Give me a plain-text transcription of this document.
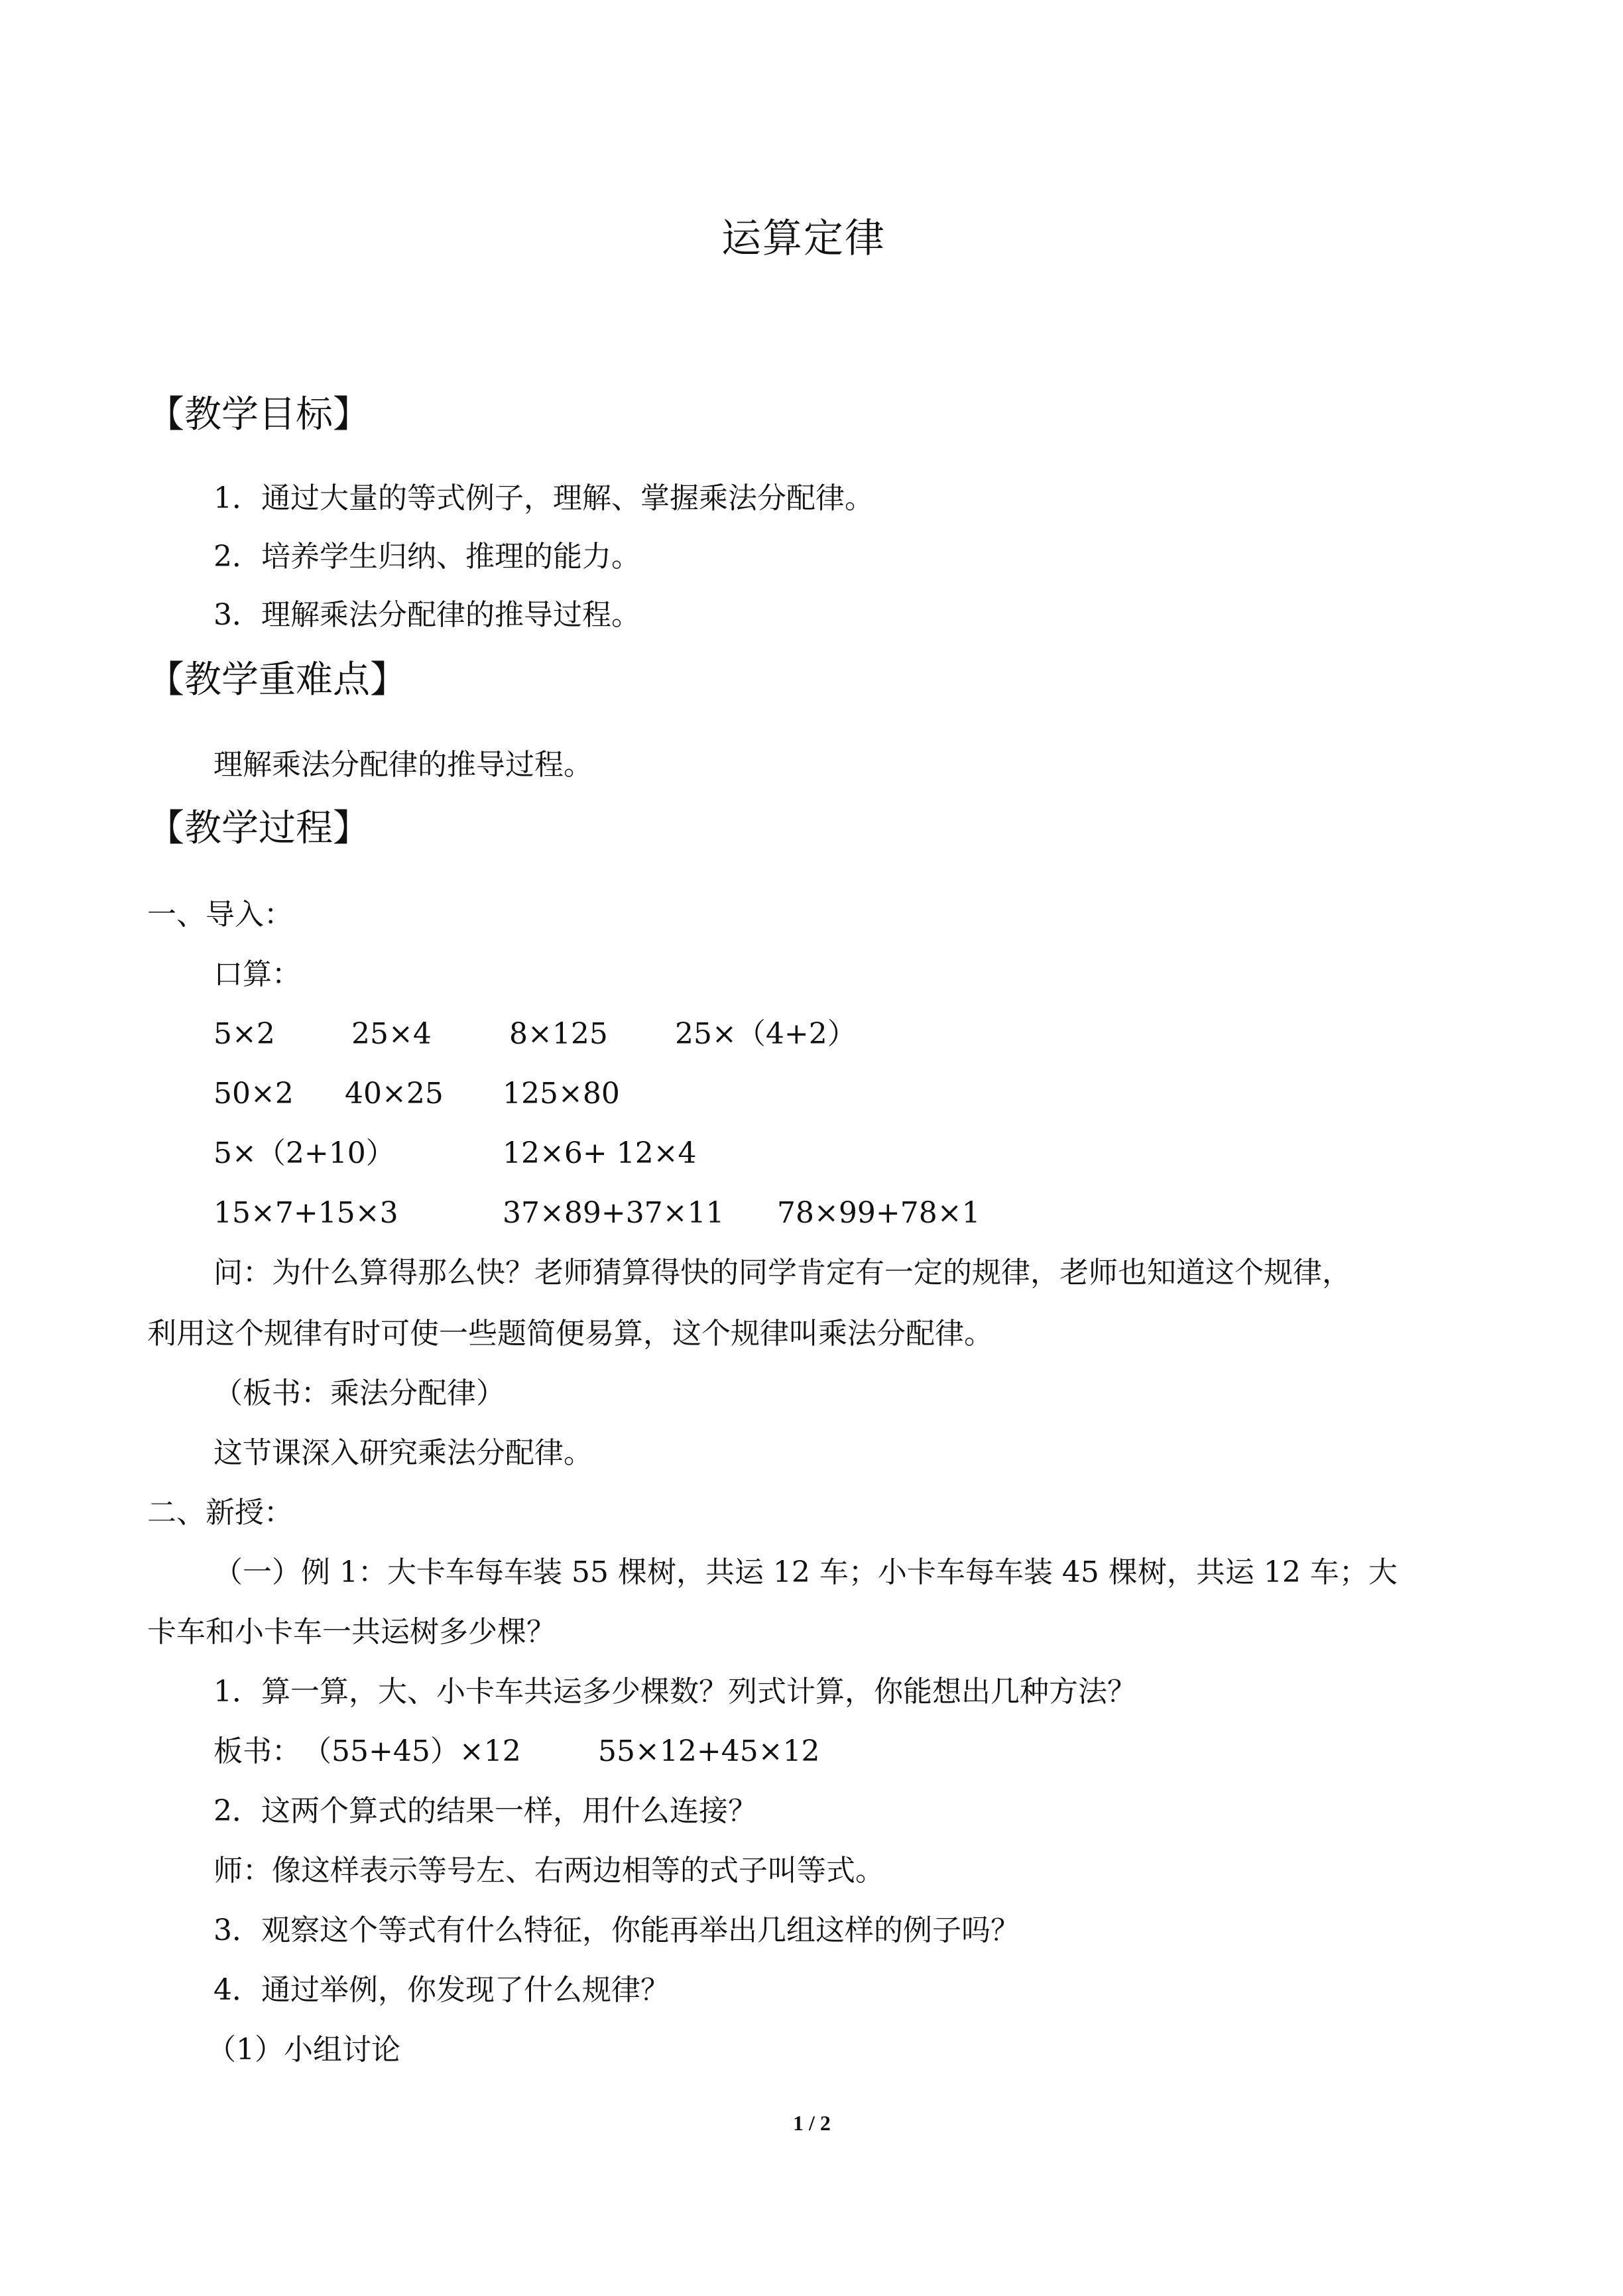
运算定律
【教学目标】
1．通过大量的等式例子，理解、掌握乘法分配律。
2．培养学生归纳、推理的能力。
3．理解乘法分配律的推导过程。
【教学重难点】
理解乘法分配律的推导过程。
【教学过程】
一、导入：
口算：
5×2	25×4	8×125 25×（4+2）
50×2 40×25 125×80
5×（2+10）	12×6+ 12×4
15×7+15×3	37×89+37×11 78×99+78×1
问：为什么算得那么快？老师猜算得快的同学肯定有一定的规律，老师也知道这个规律，
利用这个规律有时可使一些题简便易算，这个规律叫乘法分配律。
（板书：乘法分配律）
这节课深入研究乘法分配律。
二、新授：
（一）例 1：大卡车每车装 55 棵树，共运 12 车；小卡车每车装 45 棵树，共运 12 车；大
卡车和小卡车一共运树多少棵？
1．算一算，大、小卡车共运多少棵数？列式计算，你能想出几种方法？
板书： （55+45）×12	55×12+45×12
2．这两个算式的结果一样，用什么连接？
师：像这样表示等号左、右两边相等的式子叫等式。
3．观察这个等式有什么特征，你能再举出几组这样的例子吗？
4．通过举例，你发现了什么规律？
（1）小组讨论
1 / 2
